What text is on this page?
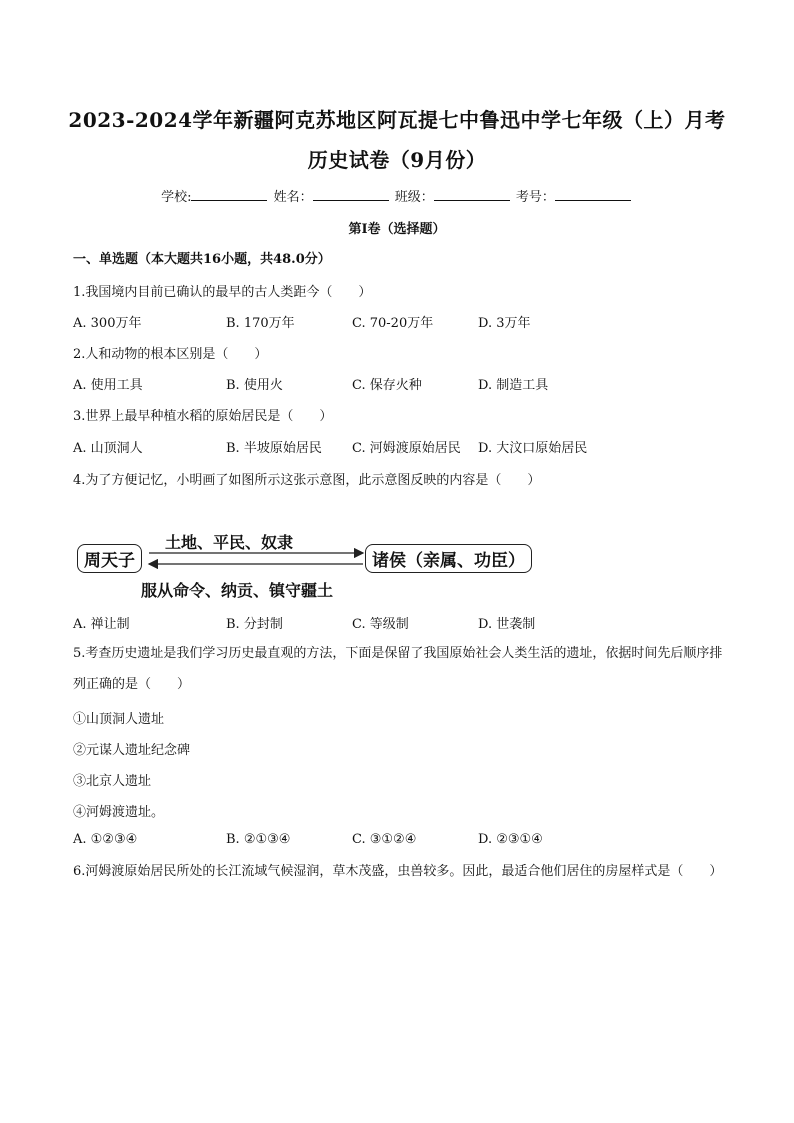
2023-2024学年新疆阿克苏地区阿瓦提七中鲁迅中学七年级（上）月考
历史试卷（9月份）
学校:	姓名：	班级：	考号：
第Ⅰ卷（选择题）
一、单选题（本大题共16小题，共48.0分）
1.我国境内目前已确认的最早的古人类距今（　　）
A. 300万年	B. 170万年	C. 70-20万年	D. 3万年
2.人和动物的根本区别是（　　）
A. 使用工具	B. 使用火	C. 保存火种	D. 制造工具
3.世界上最早种植水稻的原始居民是（　　）
A. 山顶洞人	B. 半坡原始居民 C. 河姆渡原始居民 D. 大汶口原始居民
4.为了方便记忆，小明画了如图所示这张示意图，此示意图反映的内容是（　　）
土地、平民、奴隶
周天子	诸侯（亲属、功臣）
服从命令、纳贡、镇守疆土
A. 禅让制	B. 分封制	C. 等级制	D. 世袭制
5.考查历史遗址是我们学习历史最直观的方法，下面是保留了我国原始社会人类生活的遗址，依据时间先后顺序排列正确的是（　　）
①山顶洞人遗址
②元谋人遗址纪念碑
③北京人遗址
④河姆渡遗址。
A. ①②③④	B. ②①③④	C. ③①②④	D. ②③①④
6.河姆渡原始居民所处的长江流域气候湿润，草木茂盛，虫兽较多。因此，最适合他们居住的房屋样式是（　　）
